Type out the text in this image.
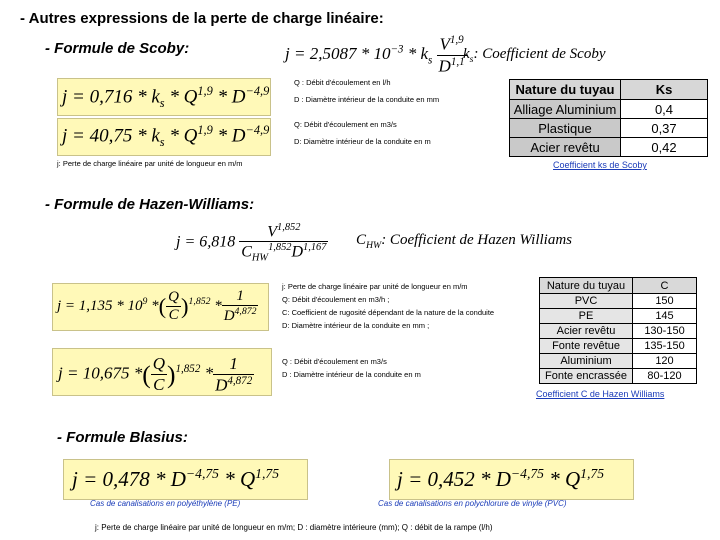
- Autres expressions de la perte de charge linéaire:
- Formule de Scoby:
- Formule de Hazen-Williams:
- Formule Blasius:
$j = 2,5087 * 10^{-3} * k_s \frac{V^{1,9}}{D^{1,1}}$
$k_s$: Coefficient de Scoby
$j = 0,716 * k_s * Q^{1,9} * D^{-4,9}$
Q : Débit d'écoulement en l/h
D : Diamètre intérieur de la conduite en mm
$j = 40,75 * k_s * Q^{1,9} * D^{-4,9}$	Q: Débit d'écoulement en m3/s
D: Diamètre intérieur de la conduite en m
j: Perte de charge linéaire par unité de longueur en m/m
Nature du tuyau	Ks
Alliage Aluminium	0,4
Plastique	0,37
Acier revêtu	0,42
Coefficient ks de Scoby
$j = 6,818 \frac{V^{1,852}}{C_{HW}^{1,852}D^{1,167}} C_{HW}$: Coefficient de Hazen Williams
$j = 1,135 * 10^9$ *( $\frac{Q}{C} )^{1,852} * \frac{1}{D^{4,872}}$
j: Perte de charge linéaire par unité de longueur en m/m
Q: Débit d'écoulement en m3/h ;
C: Coefficient de rugosité dépendant de la nature de la conduite
D: Diamètre intérieur de la conduite en mm ;
j = 10,675 *( $\frac{Q}{C} )^{1,852} * \frac{1}{D^{4,872}}$	Q : Débit d'écoulement en m3/s
D : Diamètre intérieur de la conduite en m
Nature du tuyau	C
PVC	150
PE	145
Acier revêtu	130-150
Fonte revêtue	135-150
Aluminium	120
Fonte encrassée	80-120
Coefficient C de Hazen Williams
$j = 0,478 * D^{-4,75} * Q^{1,75}$
Cas de canalisations en polyéthylène (PE)
$j = 0,452 * D^{-4,75} * Q^{1,75}$
Cas de canalisations en polychlorure de vinyle (PVC)
j: Perte de charge linéaire par unité de longueur en m/m; D : diamètre intérieure (mm); Q : débit de la rampe (l/h)
